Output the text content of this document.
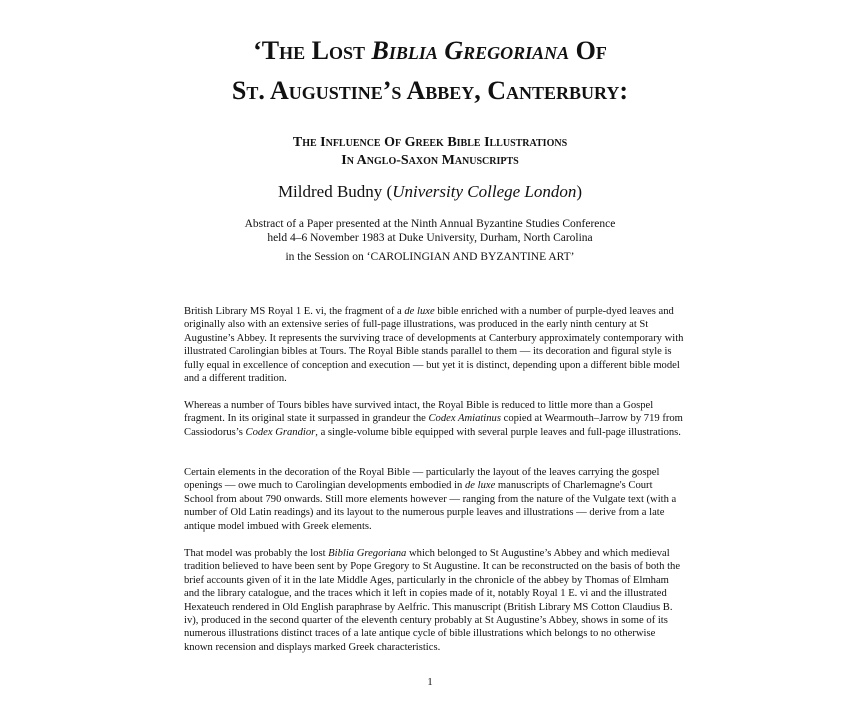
‘The Lost Biblia Gregoriana Of
St. Augustine’s Abbey, Canterbury:
The Influence Of Greek Bible Illustrations
In Anglo-Saxon Manuscripts
Mildred Budny (University College London)
Abstract of a Paper presented at the Ninth Annual Byzantine Studies Conference
held 4–6 November 1983 at Duke University, Durham, North Carolina
in the Session on ‘CAROLINGIAN AND BYZANTINE ART’

British Library MS Royal 1 E. vi, the fragment of a de luxe bible enriched with a number of purple-dyed leaves and originally also with an extensive series of full-page illustrations, was produced in the early ninth century at St Augustine’s Abbey. It represents the surviving trace of developments at Canterbury approximately contemporary with illustrated Carolingian bibles at Tours. The Royal Bible stands parallel to them — its decoration and figural style is fully equal in excellence of conception and execution — but yet it is distinct, depending upon a different bible model and a different tradition.

Whereas a number of Tours bibles have survived intact, the Royal Bible is reduced to little more than a Gospel fragment. In its original state it surpassed in grandeur the Codex Amiatinus copied at Wearmouth–Jarrow by 719 from Cassiodorus’s Codex Grandior, a single-volume bible equipped with several purple leaves and full-page illustrations.

Certain elements in the decoration of the Royal Bible — particularly the layout of the leaves carrying the gospel openings — owe much to Carolingian developments embodied in de luxe manuscripts of Charlemagne's Court School from about 790 onwards. Still more elements however — ranging from the nature of the Vulgate text (with a number of Old Latin readings) and its layout to the numerous purple leaves and illustrations — derive from a late antique model imbued with Greek elements.

That model was probably the lost Biblia Gregoriana which belonged to St Augustine’s Abbey and which medieval tradition believed to have been sent by Pope Gregory to St Augustine. It can be reconstructed on the basis of both the brief accounts given of it in the late Middle Ages, particularly in the chronicle of the abbey by Thomas of Elmham and the library catalogue, and the traces which it left in copies made of it, notably Royal 1 E. vi and the illustrated Hexateuch rendered in Old English paraphrase by Aelfric. This manuscript (British Library MS Cotton Claudius B. iv), produced in the second quarter of the eleventh century probably at St Augustine’s Abbey, shows in some of its numerous illustrations distinct traces of a late antique cycle of bible illustrations which belongs to no otherwise known recension and displays marked Greek characteristics.

1
